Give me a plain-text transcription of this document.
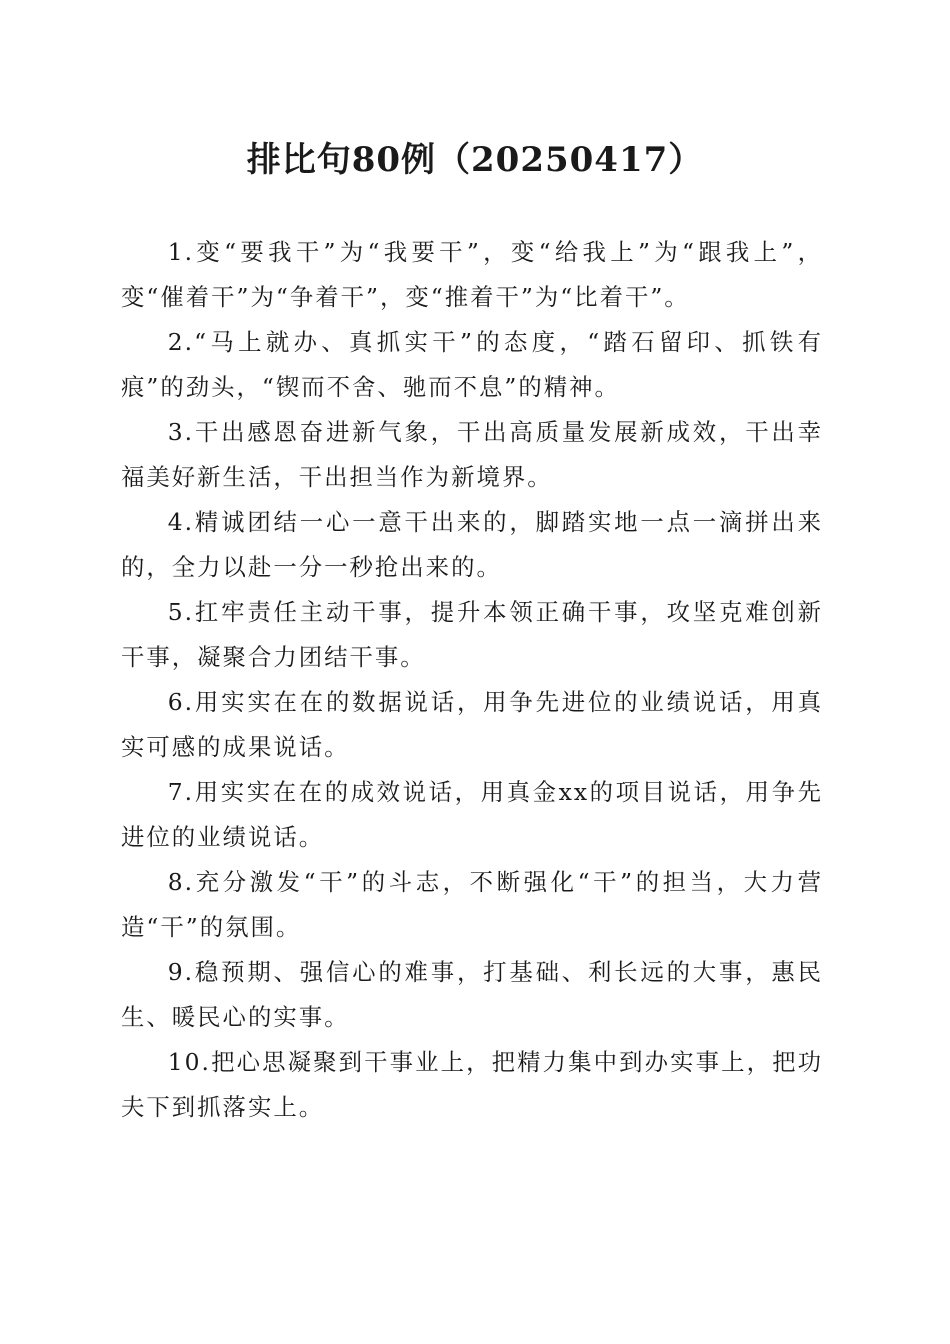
排比句80例（20250417）

1.变“要我干”为“我要干”，变“给我上”为“跟我上”，变“催着干”为“争着干”，变“推着干”为“比着干”。

2.“马上就办、真抓实干”的态度，“踏石留印、抓铁有痕”的劲头，“锲而不舍、驰而不息”的精神。

3.干出感恩奋进新气象，干出高质量发展新成效，干出幸福美好新生活，干出担当作为新境界。

4.精诚团结一心一意干出来的，脚踏实地一点一滴拼出来的，全力以赴一分一秒抢出来的。

5.扛牢责任主动干事，提升本领正确干事，攻坚克难创新干事，凝聚合力团结干事。

6.用实实在在的数据说话，用争先进位的业绩说话，用真实可感的成果说话。

7.用实实在在的成效说话，用真金xx的项目说话，用争先进位的业绩说话。

8.充分激发“干”的斗志，不断强化“干”的担当，大力营造“干”的氛围。

9.稳预期、强信心的难事，打基础、利长远的大事，惠民生、暖民心的实事。

10.把心思凝聚到干事业上，把精力集中到办实事上，把功夫下到抓落实上。
